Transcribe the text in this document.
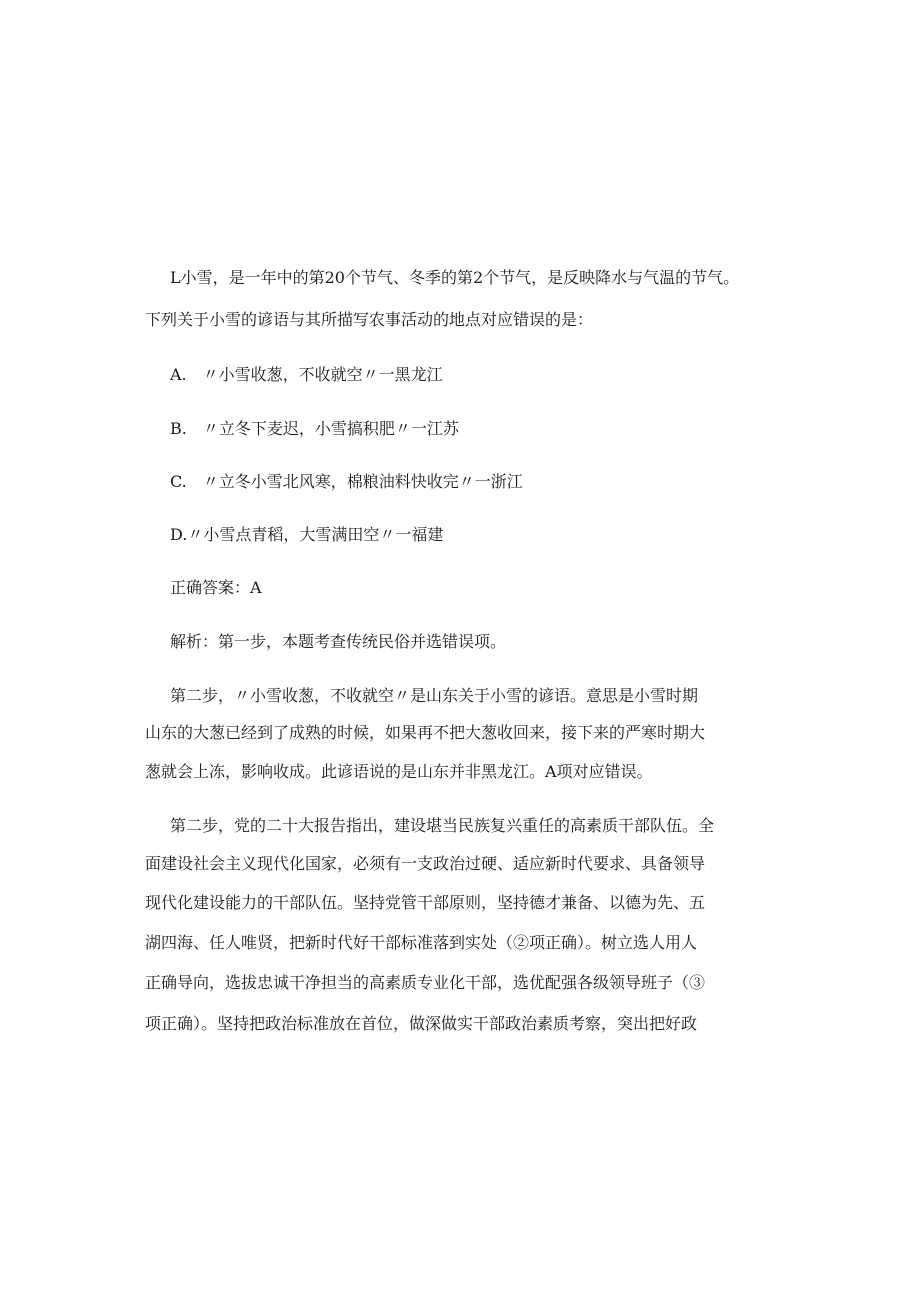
L小雪，是一年中的第20个节气、冬季的第2个节气，是反映降水与气温的节气。
下列关于小雪的谚语与其所描写农事活动的地点对应错误的是：
A.　〃小雪收葱，不收就空〃一黑龙江
B.　〃立冬下麦迟，小雪搞积肥〃一江苏
C.　〃立冬小雪北风寒，棉粮油料快收完〃一浙江
D.〃小雪点青稻，大雪满田空〃一福建
正确答案：A
解析：第一步，本题考查传统民俗并选错误项。
第二步，〃小雪收葱，不收就空〃是山东关于小雪的谚语。意思是小雪时期
山东的大葱已经到了成熟的时候，如果再不把大葱收回来，接下来的严寒时期大
葱就会上冻，影响收成。此谚语说的是山东并非黑龙江。A项对应错误。
第二步，党的二十大报告指出，建设堪当民族复兴重任的高素质干部队伍。全
面建设社会主义现代化国家，必须有一支政治过硬、适应新时代要求、具备领导
现代化建设能力的干部队伍。坚持党管干部原则，坚持德才兼备、以德为先、五
湖四海、任人唯贤，把新时代好干部标准落到实处（②项正确）。树立选人用人
正确导向，选拔忠诚干净担当的高素质专业化干部，选优配强各级领导班子（③
项正确）。坚持把政治标准放在首位，做深做实干部政治素质考察，突出把好政
